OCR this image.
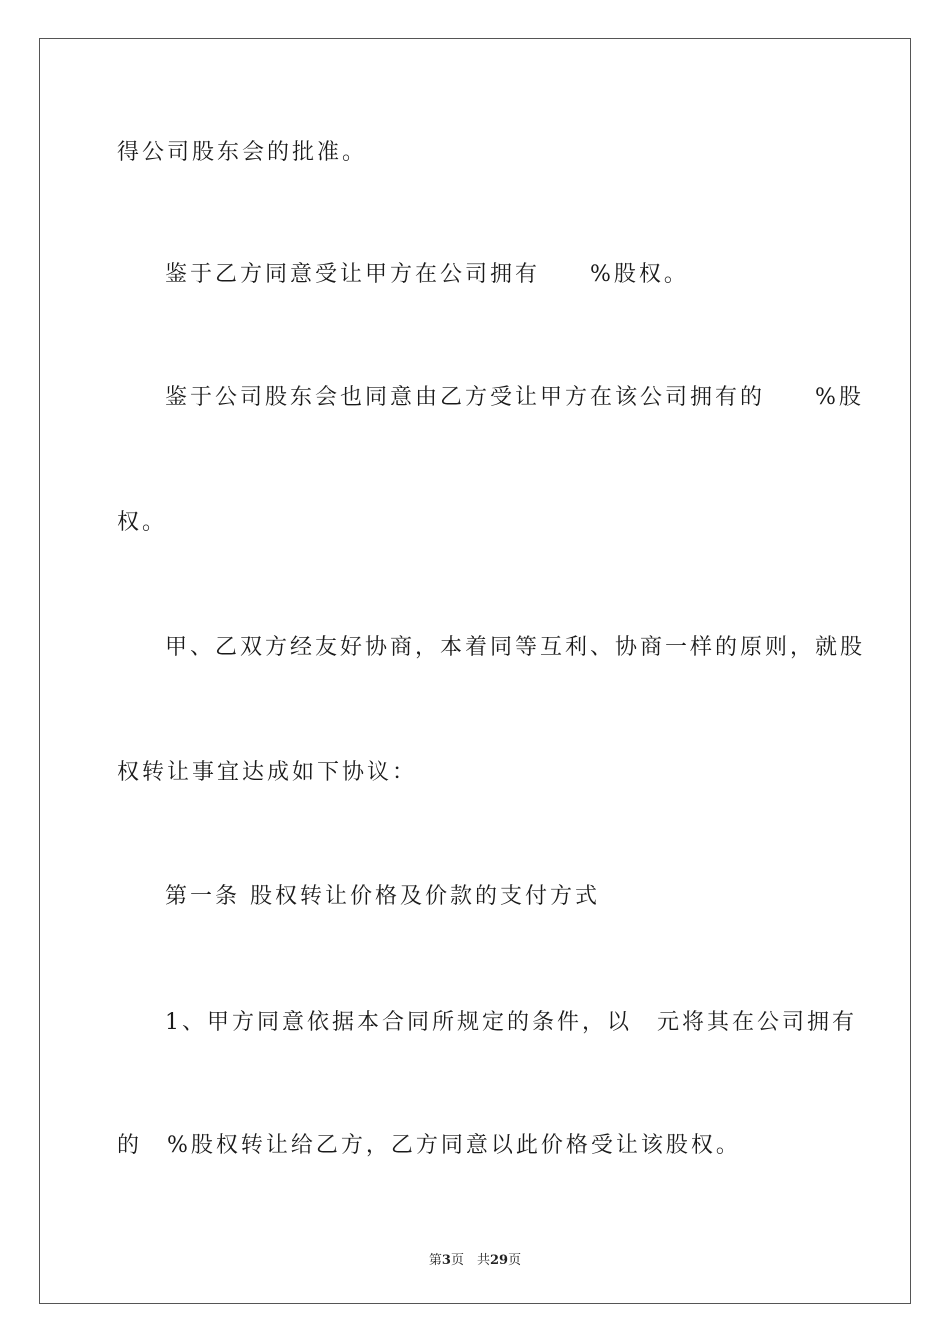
得公司股东会的批准。
鉴于乙方同意受让甲方在公司拥有　　%股权。
鉴于公司股东会也同意由乙方受让甲方在该公司拥有的　　%股
权。
甲、乙双方经友好协商，本着同等互利、协商一样的原则，就股
权转让事宜达成如下协议：
第一条 股权转让价格及价款的支付方式
1、甲方同意依据本合同所规定的条件，以　元将其在公司拥有
的　%股权转让给乙方，乙方同意以此价格受让该股权。
第3页　共29页
